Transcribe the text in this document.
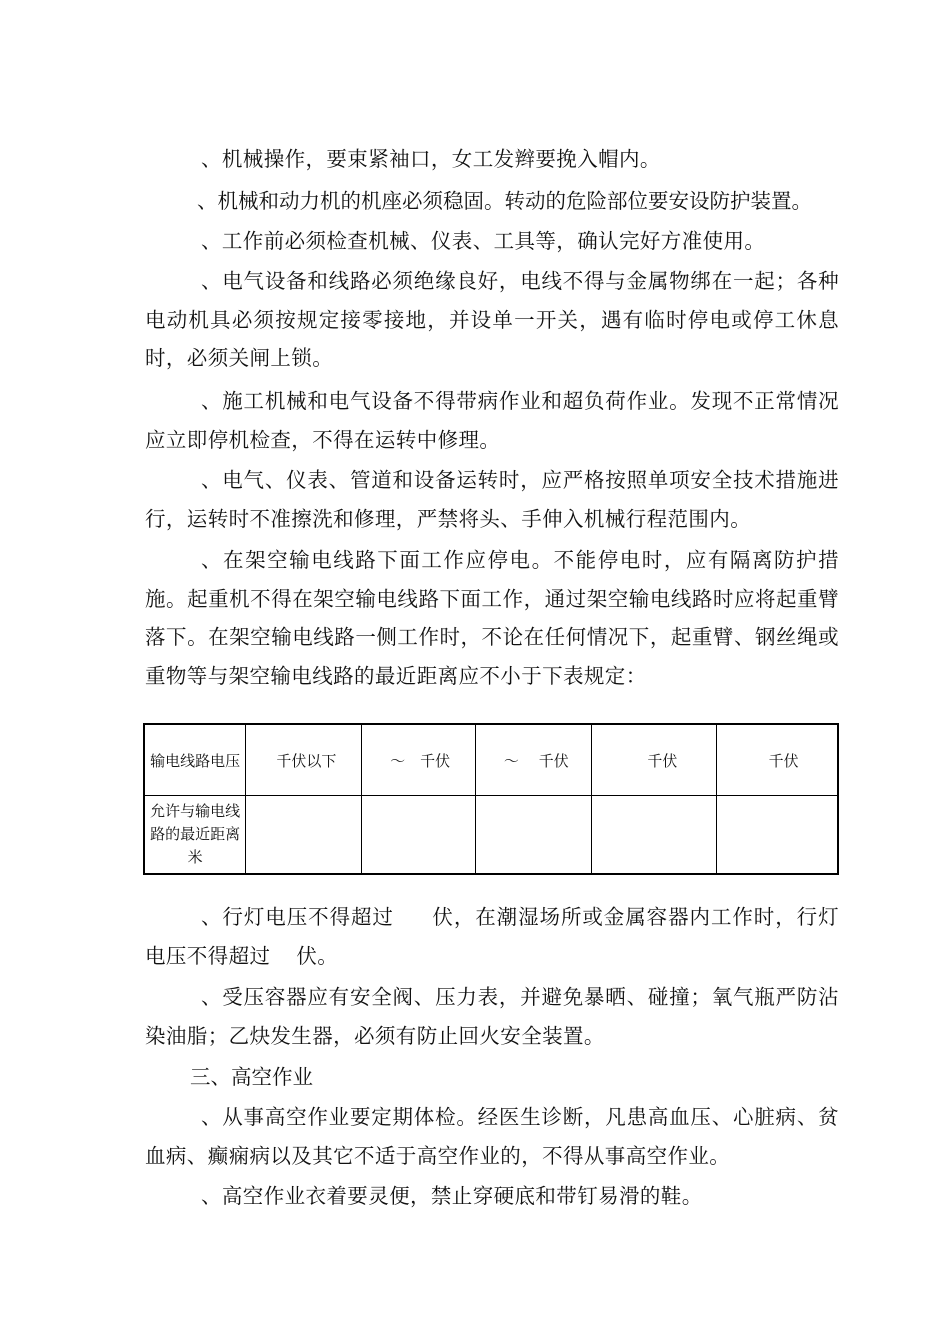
、机械操作，要束紧袖口，女工发辫要挽入帽内。

、机械和动力机的机座必须稳固。转动的危险部位要安设防护装置。

、工作前必须检查机械、仪表、工具等，确认完好方准使用。

、电气设备和线路必须绝缘良好，电线不得与金属物绑在一起；各种电动机具必须按规定接零接地，并设单一开关，遇有临时停电或停工休息时，必须关闸上锁。

、施工机械和电气设备不得带病作业和超负荷作业。发现不正常情况应立即停机检查，不得在运转中修理。

、电气、仪表、管道和设备运转时，应严格按照单项安全技术措施进行，运转时不准擦洗和修理，严禁将头、手伸入机械行程范围内。

、在架空输电线路下面工作应停电。不能停电时，应有隔离防护措施。起重机不得在架空输电线路下面工作，通过架空输电线路时应将起重臂落下。在架空输电线路一侧工作时，不论在任何情况下，起重臂、钢丝绳或重物等与架空输电线路的最近距离应不小于下表规定：

输电线路电压	千伏以下	～　千伏	～　 千伏	千伏	千伏
允许与输电线路的最近距离米					

、行灯电压不得超过 伏，在潮湿场所或金属容器内工作时，行灯电压不得超过 伏。

、受压容器应有安全阀、压力表，并避免暴晒、碰撞；氧气瓶严防沾染油脂；乙炔发生器，必须有防止回火安全装置。

三、高空作业

、从事高空作业要定期体检。经医生诊断，凡患高血压、心脏病、贫血病、癫痫病以及其它不适于高空作业的，不得从事高空作业。

、高空作业衣着要灵便，禁止穿硬底和带钉易滑的鞋。
